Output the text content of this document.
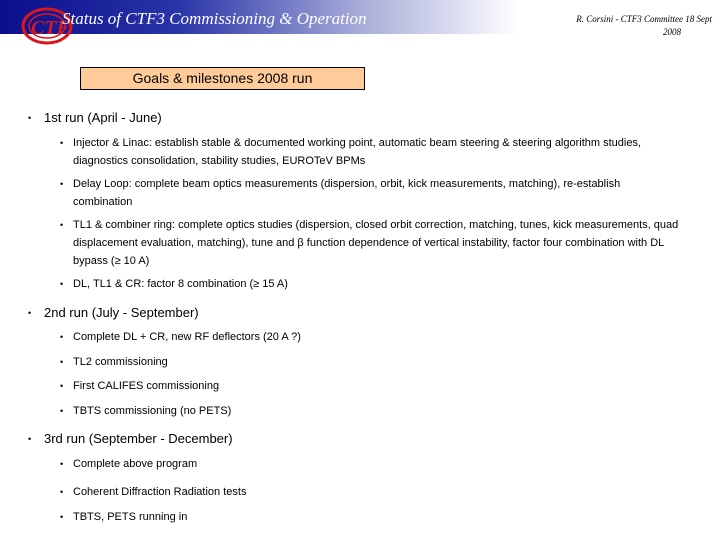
CTF
Status of CTF3 Commissioning & Operation	R. Corsini - CTF3 Committee 18 Sept

2008
Goals & milestones 2008 run
• 1st run (April - June)
• Injector & Linac: establish stable & documented working point, automatic beam steering & steering algorithm studies, diagnostics consolidation, stability studies, EUROTeV BPMs
• Delay Loop: complete beam optics measurements (dispersion, orbit, kick measurements, matching), re-establish combination
• TL1 & combiner ring: complete optics studies (dispersion, closed orbit correction, matching, tunes, kick measurements, quad displacement evaluation, matching), tune and β function dependence of vertical instability, factor four combination with DL bypass (≥ 10 A)
• DL, TL1 & CR: factor 8 combination (≥ 15 A)
• 2nd run (July - September)
• Complete DL + CR, new RF deflectors (20 A ?)
• TL2 commissioning
• First CALIFES commissioning
• TBTS commissioning (no PETS)
• 3rd run (September - December)
• Complete above program
• Coherent Diffraction Radiation tests
• TBTS, PETS running in
